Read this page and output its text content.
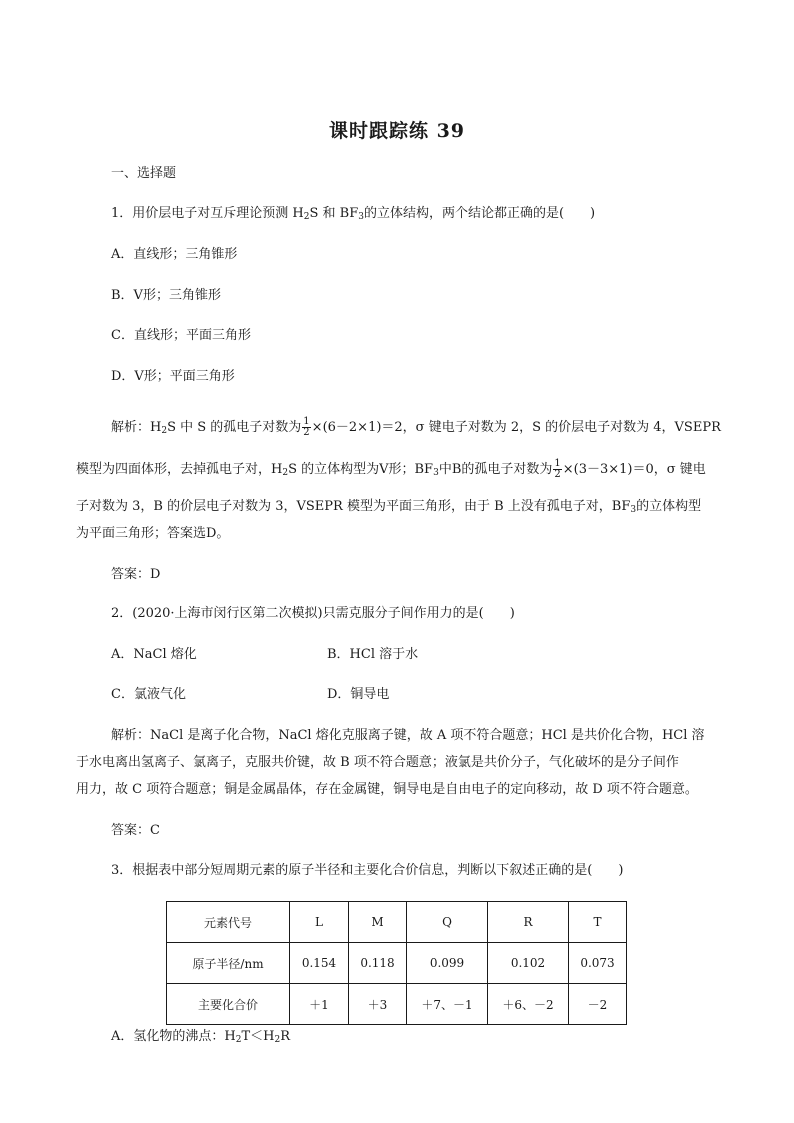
课时跟踪练 39
一、选择题
1．用价层电子对互斥理论预测 $H_2S$ 和 $BF_3$的立体结构，两个结论都正确的是(　　)
A．直线形；三角锥形
B．V形；三角锥形
C．直线形；平面三角形
D．V形；平面三角形
解析：$H_2S$ 中 S 的孤电子对数为 $\frac{1}{2} \times(6-2\times 1)=2$，σ 键电子对数为 2，S 的价层电子对数为 4，VSEPR
模型为四面体形，去掉孤电子对，$H_2S$ 的立体构型为V形；$BF_3$中B的孤电子对数为 $\frac{1}{2} \times(3-3\times 1)=0$，σ 键电
子对数为 3，B 的价层电子对数为 3，VSEPR 模型为平面三角形，由于 B 上没有孤电子对，$BF_3$的立体构型
为平面三角形；答案选D。
答案：D
2．(2020·上海市闵行区第二次模拟)只需克服分子间作用力的是(　　)
A．NaCl 熔化	B．HCl 溶于水
C．氯液气化	D．铜导电
解析：NaCl 是离子化合物，NaCl 熔化克服离子键，故 A 项不符合题意；HCl 是共价化合物，HCl 溶
于水电离出氢离子、氯离子，克服共价键，故 B 项不符合题意；液氯是共价分子，气化破坏的是分子间作
用力，故 C 项符合题意；铜是金属晶体，存在金属键，铜导电是自由电子的定向移动，故 D 项不符合题意。
答案：C
3．根据表中部分短周期元素的原子半径和主要化合价信息，判断以下叙述正确的是(　　)
元素代号	L	M	Q	R	T
原子半径/nm	0.154	0.118	0.099	0.102	0.073
主要化合价	＋1	＋3	＋7、－1	＋6、－2	－2
A．氢化物的沸点：$H_2T<H_2R$
